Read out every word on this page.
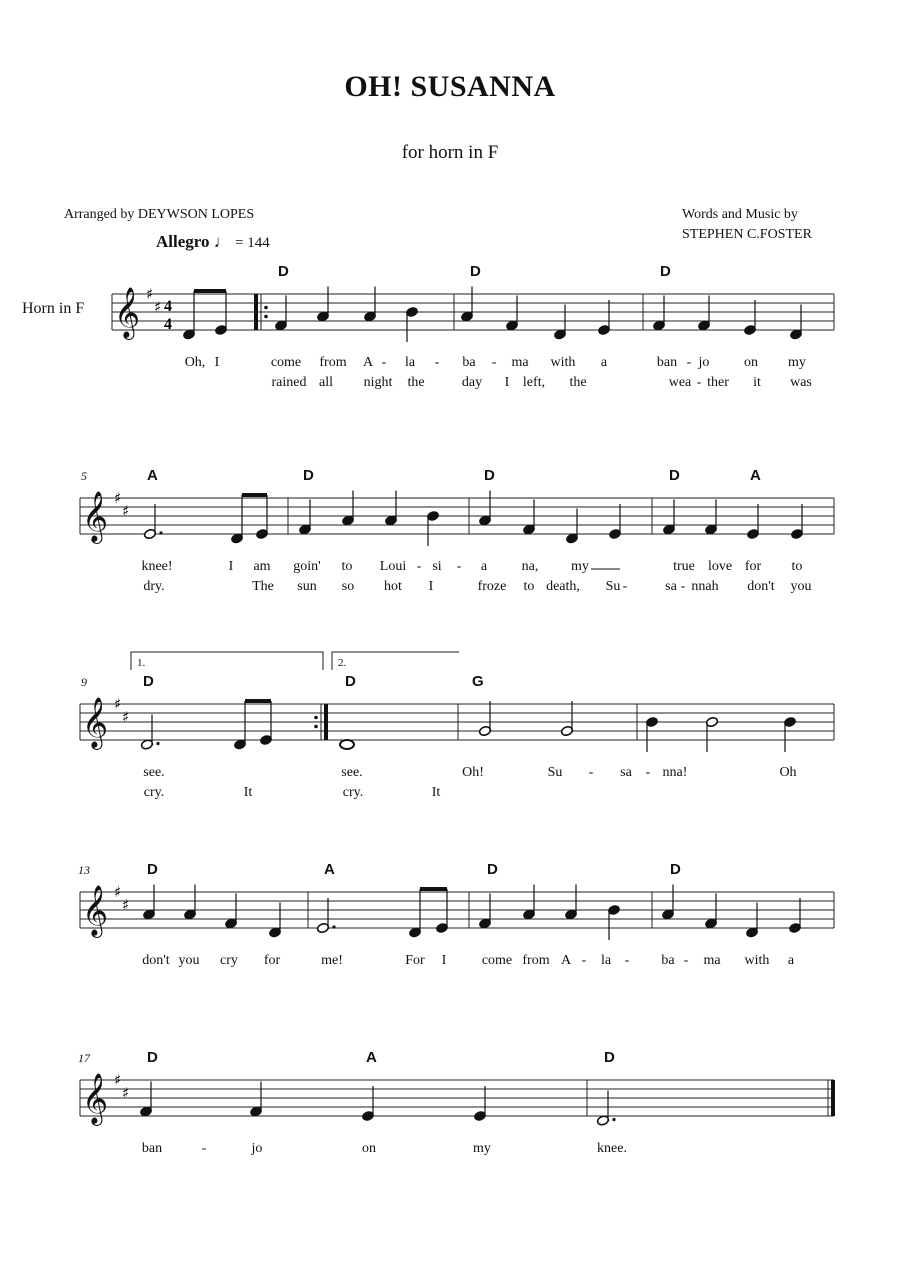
OH! SUSANNA
for horn in F
Arranged by DEYWSON LOPES	Words and Music by
STEPHEN C.FOSTER
Allegro ♩ = 144
Horn in F 𝄞 ♯
♯ 4
4
D	D	D
Oh, I	come from A - la - ba - ma with a	ban - jo on my
rained all night the	day I left, the	wea - ther it was
𝄞 ♯
♯
5	A	D	D	D	A
knee!	I am goin' to Loui - si - a na, my	true love for to
dry.	The sun so hot I	froze to death, Su -	sa - nnah don't you
𝄞 ♯
♯
9	D	D	G
see.	see.	Oh!	Su - sa - nna!	Oh
cry.	It	cry.	It
1.	2.
𝄞 ♯
♯
13	D	A	D	D
don't you cry for	me!	For I	come from A - la - ba - ma with a
𝄞 ♯
♯
17	D	A	D
ban	-	jo	on	my	knee.
